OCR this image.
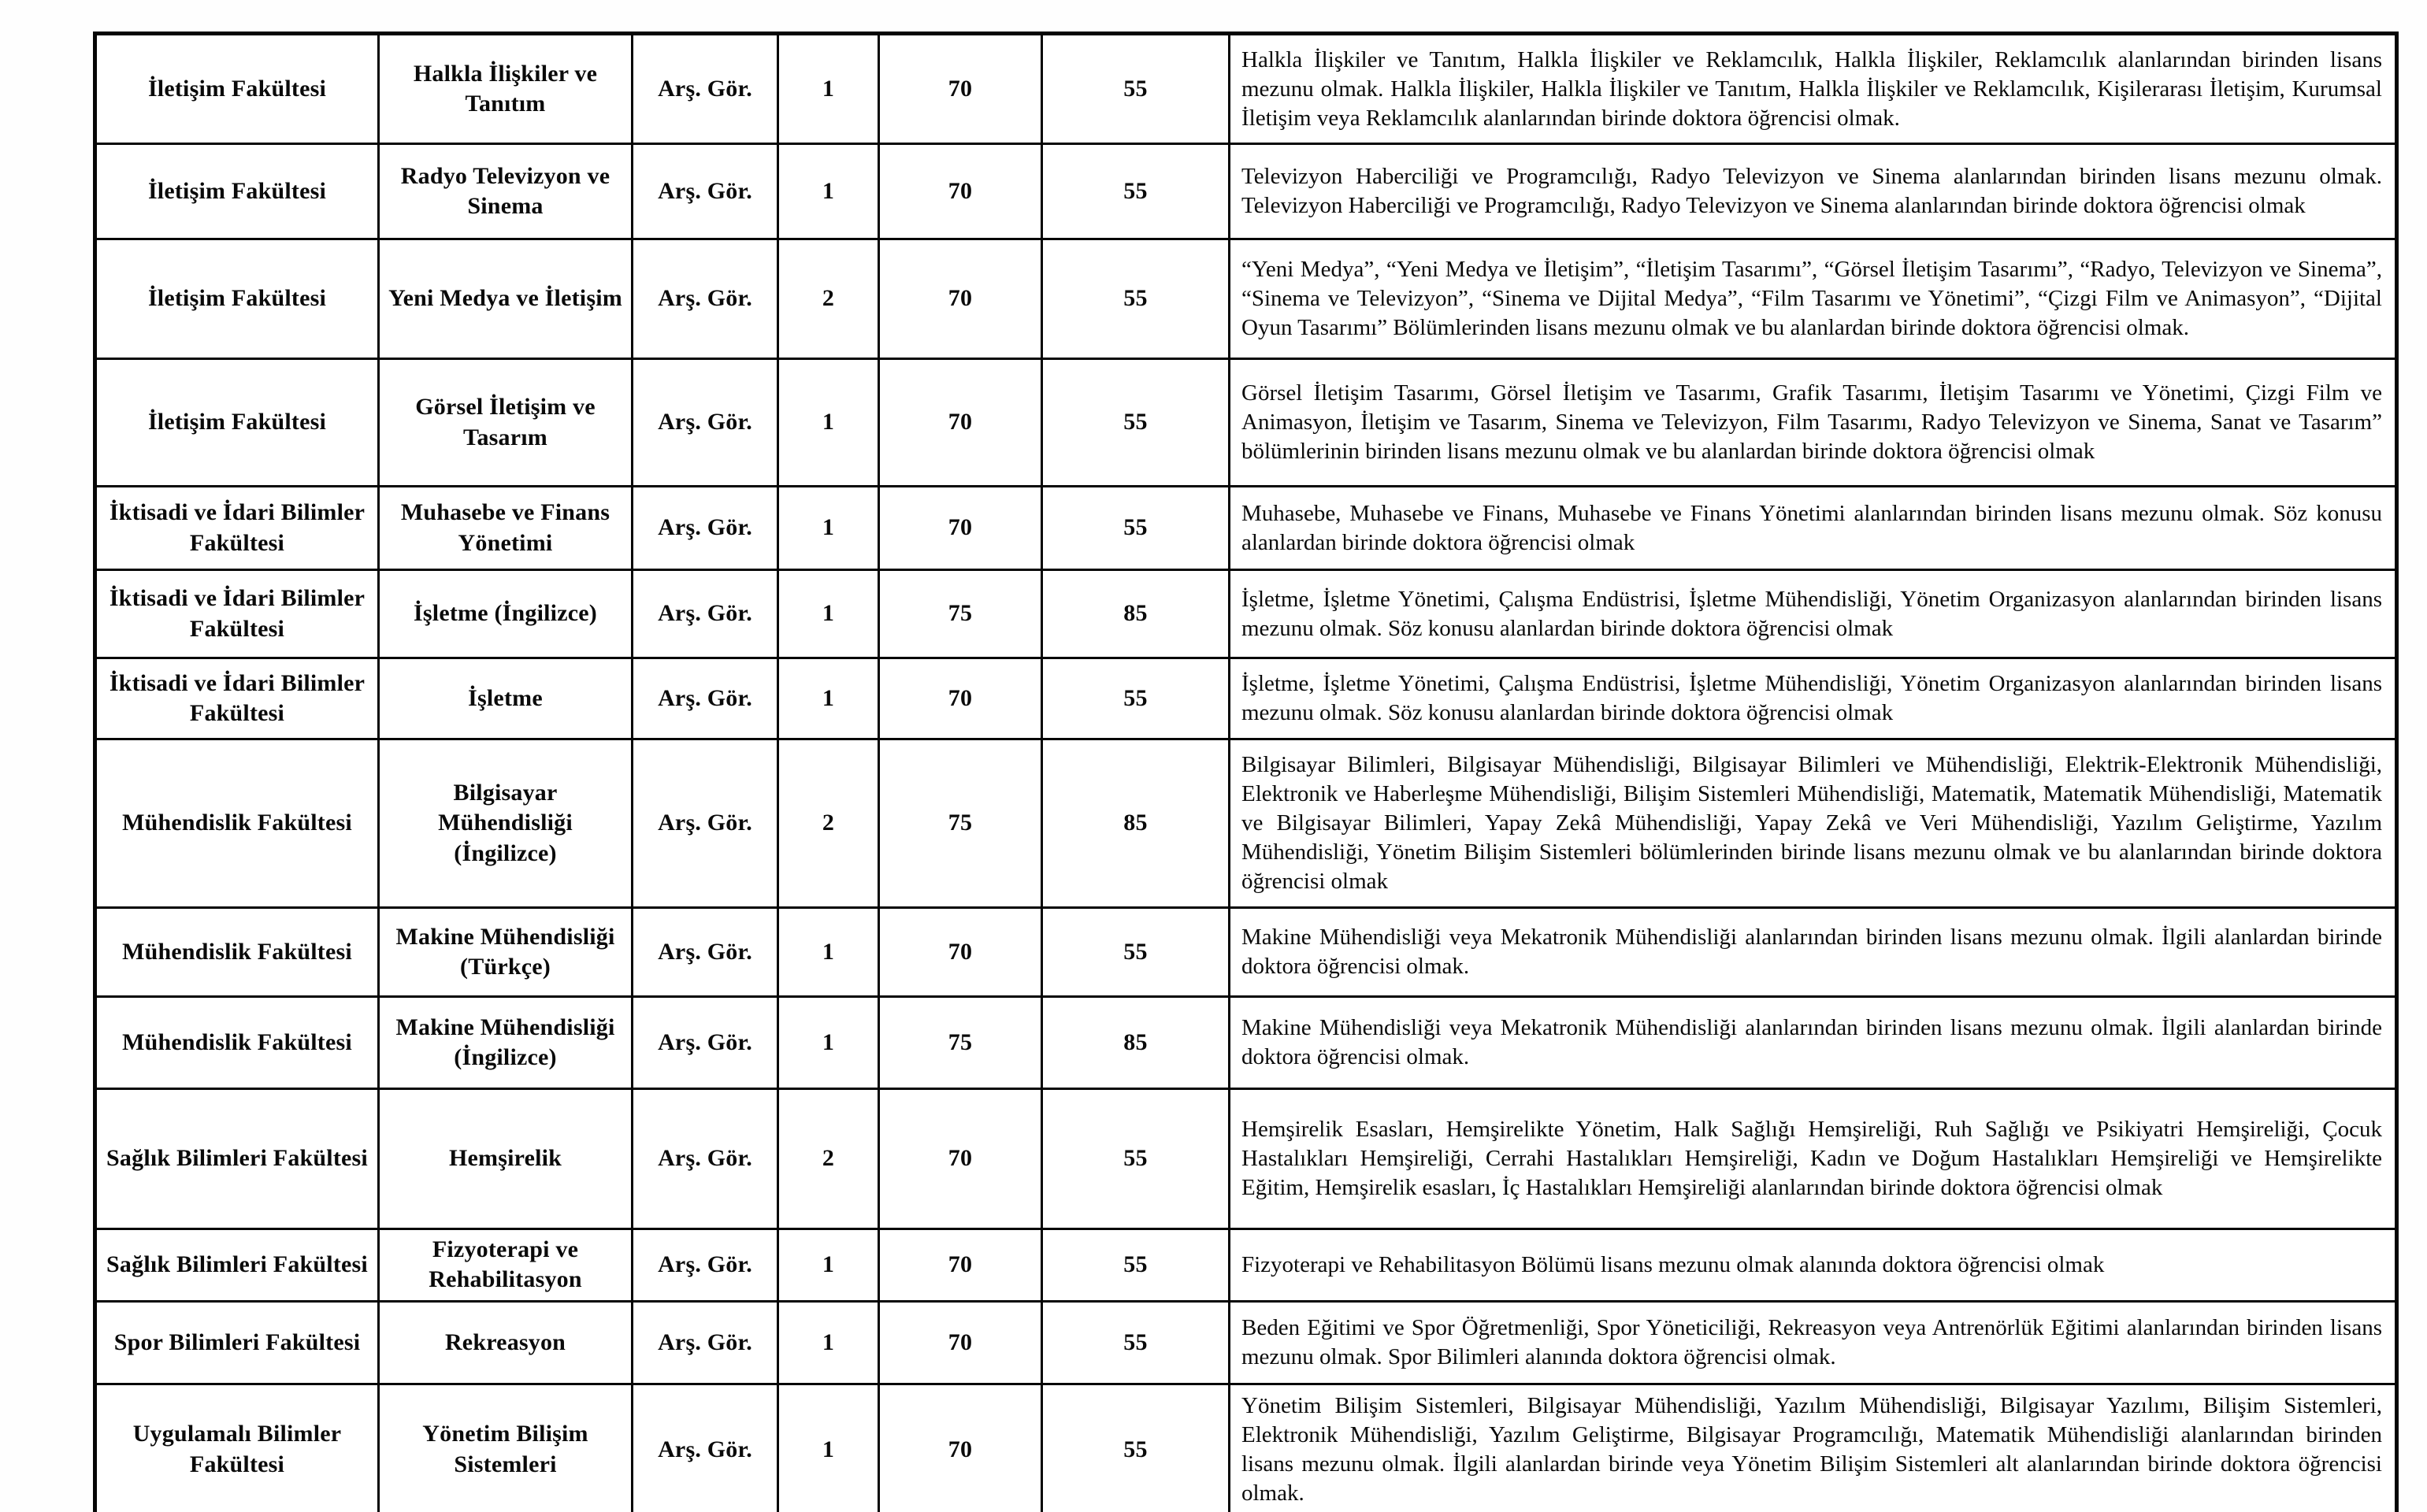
İletişim Fakültesi	Halkla İlişkiler ve Tanıtım	Arş. Gör.	1	70	55	Halkla İlişkiler ve Tanıtım, Halkla İlişkiler ve Reklamcılık, Halkla İlişkiler, Reklamcılık alanlarından birinden lisans mezunu olmak. Halkla İlişkiler, Halkla İlişkiler ve Tanıtım, Halkla İlişkiler ve Reklamcılık, Kişilerarası İletişim, Kurumsal İletişim veya Reklamcılık alanlarından birinde doktora öğrencisi olmak.
İletişim Fakültesi	Radyo Televizyon ve Sinema	Arş. Gör.	1	70	55	Televizyon Haberciliği ve Programcılığı, Radyo Televizyon ve Sinema alanlarından birinden lisans mezunu olmak. Televizyon Haberciliği ve Programcılığı, Radyo Televizyon ve Sinema alanlarından birinde doktora öğrencisi olmak
İletişim Fakültesi	Yeni Medya ve İletişim	Arş. Gör.	2	70	55	“Yeni Medya”, “Yeni Medya ve İletişim”, “İletişim Tasarımı”, “Görsel İletişim Tasarımı”, “Radyo, Televizyon ve Sinema”, “Sinema ve Televizyon”, “Sinema ve Dijital Medya”, “Film Tasarımı ve Yönetimi”, “Çizgi Film ve Animasyon”, “Dijital Oyun Tasarımı” Bölümlerinden lisans mezunu olmak ve bu alanlardan birinde doktora öğrencisi olmak.
İletişim Fakültesi	Görsel İletişim ve Tasarım	Arş. Gör.	1	70	55	Görsel İletişim Tasarımı, Görsel İletişim ve Tasarımı, Grafik Tasarımı, İletişim Tasarımı ve Yönetimi, Çizgi Film ve Animasyon, İletişim ve Tasarım, Sinema ve Televizyon, Film Tasarımı, Radyo Televizyon ve Sinema, Sanat ve Tasarım” bölümlerinin birinden lisans mezunu olmak ve bu alanlardan birinde doktora öğrencisi olmak
İktisadi ve İdari Bilimler Fakültesi	Muhasebe ve Finans Yönetimi	Arş. Gör.	1	70	55	Muhasebe, Muhasebe ve Finans, Muhasebe ve Finans Yönetimi alanlarından birinden lisans mezunu olmak. Söz konusu alanlardan birinde doktora öğrencisi olmak
İktisadi ve İdari Bilimler Fakültesi	İşletme (İngilizce)	Arş. Gör.	1	75	85	İşletme, İşletme Yönetimi, Çalışma Endüstrisi, İşletme Mühendisliği, Yönetim Organizasyon alanlarından birinden lisans mezunu olmak. Söz konusu alanlardan birinde doktora öğrencisi olmak
İktisadi ve İdari Bilimler Fakültesi	İşletme	Arş. Gör.	1	70	55	İşletme, İşletme Yönetimi, Çalışma Endüstrisi, İşletme Mühendisliği, Yönetim Organizasyon alanlarından birinden lisans mezunu olmak. Söz konusu alanlardan birinde doktora öğrencisi olmak
Mühendislik Fakültesi	Bilgisayar Mühendisliği (İngilizce)	Arş. Gör.	2	75	85	Bilgisayar Bilimleri, Bilgisayar Mühendisliği, Bilgisayar Bilimleri ve Mühendisliği, Elektrik-Elektronik Mühendisliği, Elektronik ve Haberleşme Mühendisliği, Bilişim Sistemleri Mühendisliği, Matematik, Matematik Mühendisliği, Matematik ve Bilgisayar Bilimleri, Yapay Zekâ Mühendisliği, Yapay Zekâ ve Veri Mühendisliği, Yazılım Geliştirme, Yazılım Mühendisliği, Yönetim Bilişim Sistemleri bölümlerinden birinde lisans mezunu olmak ve bu alanlarından birinde doktora öğrencisi olmak
Mühendislik Fakültesi	Makine Mühendisliği (Türkçe)	Arş. Gör.	1	70	55	Makine Mühendisliği veya Mekatronik Mühendisliği alanlarından birinden lisans mezunu olmak. İlgili alanlardan birinde doktora öğrencisi olmak.
Mühendislik Fakültesi	Makine Mühendisliği (İngilizce)	Arş. Gör.	1	75	85	Makine Mühendisliği veya Mekatronik Mühendisliği alanlarından birinden lisans mezunu olmak. İlgili alanlardan birinde doktora öğrencisi olmak.
Sağlık Bilimleri Fakültesi	Hemşirelik	Arş. Gör.	2	70	55	Hemşirelik Esasları, Hemşirelikte Yönetim, Halk Sağlığı Hemşireliği, Ruh Sağlığı ve Psikiyatri Hemşireliği, Çocuk Hastalıkları Hemşireliği, Cerrahi Hastalıkları Hemşireliği, Kadın ve Doğum Hastalıkları Hemşireliği ve Hemşirelikte Eğitim, Hemşirelik esasları, İç Hastalıkları Hemşireliği alanlarından birinde doktora öğrencisi olmak
Sağlık Bilimleri Fakültesi	Fizyoterapi ve Rehabilitasyon	Arş. Gör.	1	70	55	Fizyoterapi ve Rehabilitasyon Bölümü lisans mezunu olmak alanında doktora öğrencisi olmak
Spor Bilimleri Fakültesi	Rekreasyon	Arş. Gör.	1	70	55	Beden Eğitimi ve Spor Öğretmenliği, Spor Yöneticiliği, Rekreasyon veya Antrenörlük Eğitimi alanlarından birinden lisans mezunu olmak. Spor Bilimleri alanında doktora öğrencisi olmak.
Uygulamalı Bilimler Fakültesi	Yönetim Bilişim Sistemleri	Arş. Gör.	1	70	55	Yönetim Bilişim Sistemleri, Bilgisayar Mühendisliği, Yazılım Mühendisliği, Bilgisayar Yazılımı, Bilişim Sistemleri, Elektronik Mühendisliği, Yazılım Geliştirme, Bilgisayar Programcılığı, Matematik Mühendisliği alanlarından birinden lisans mezunu olmak. İlgili alanlardan birinde veya Yönetim Bilişim Sistemleri alt alanlarından birinde doktora öğrencisi olmak.
